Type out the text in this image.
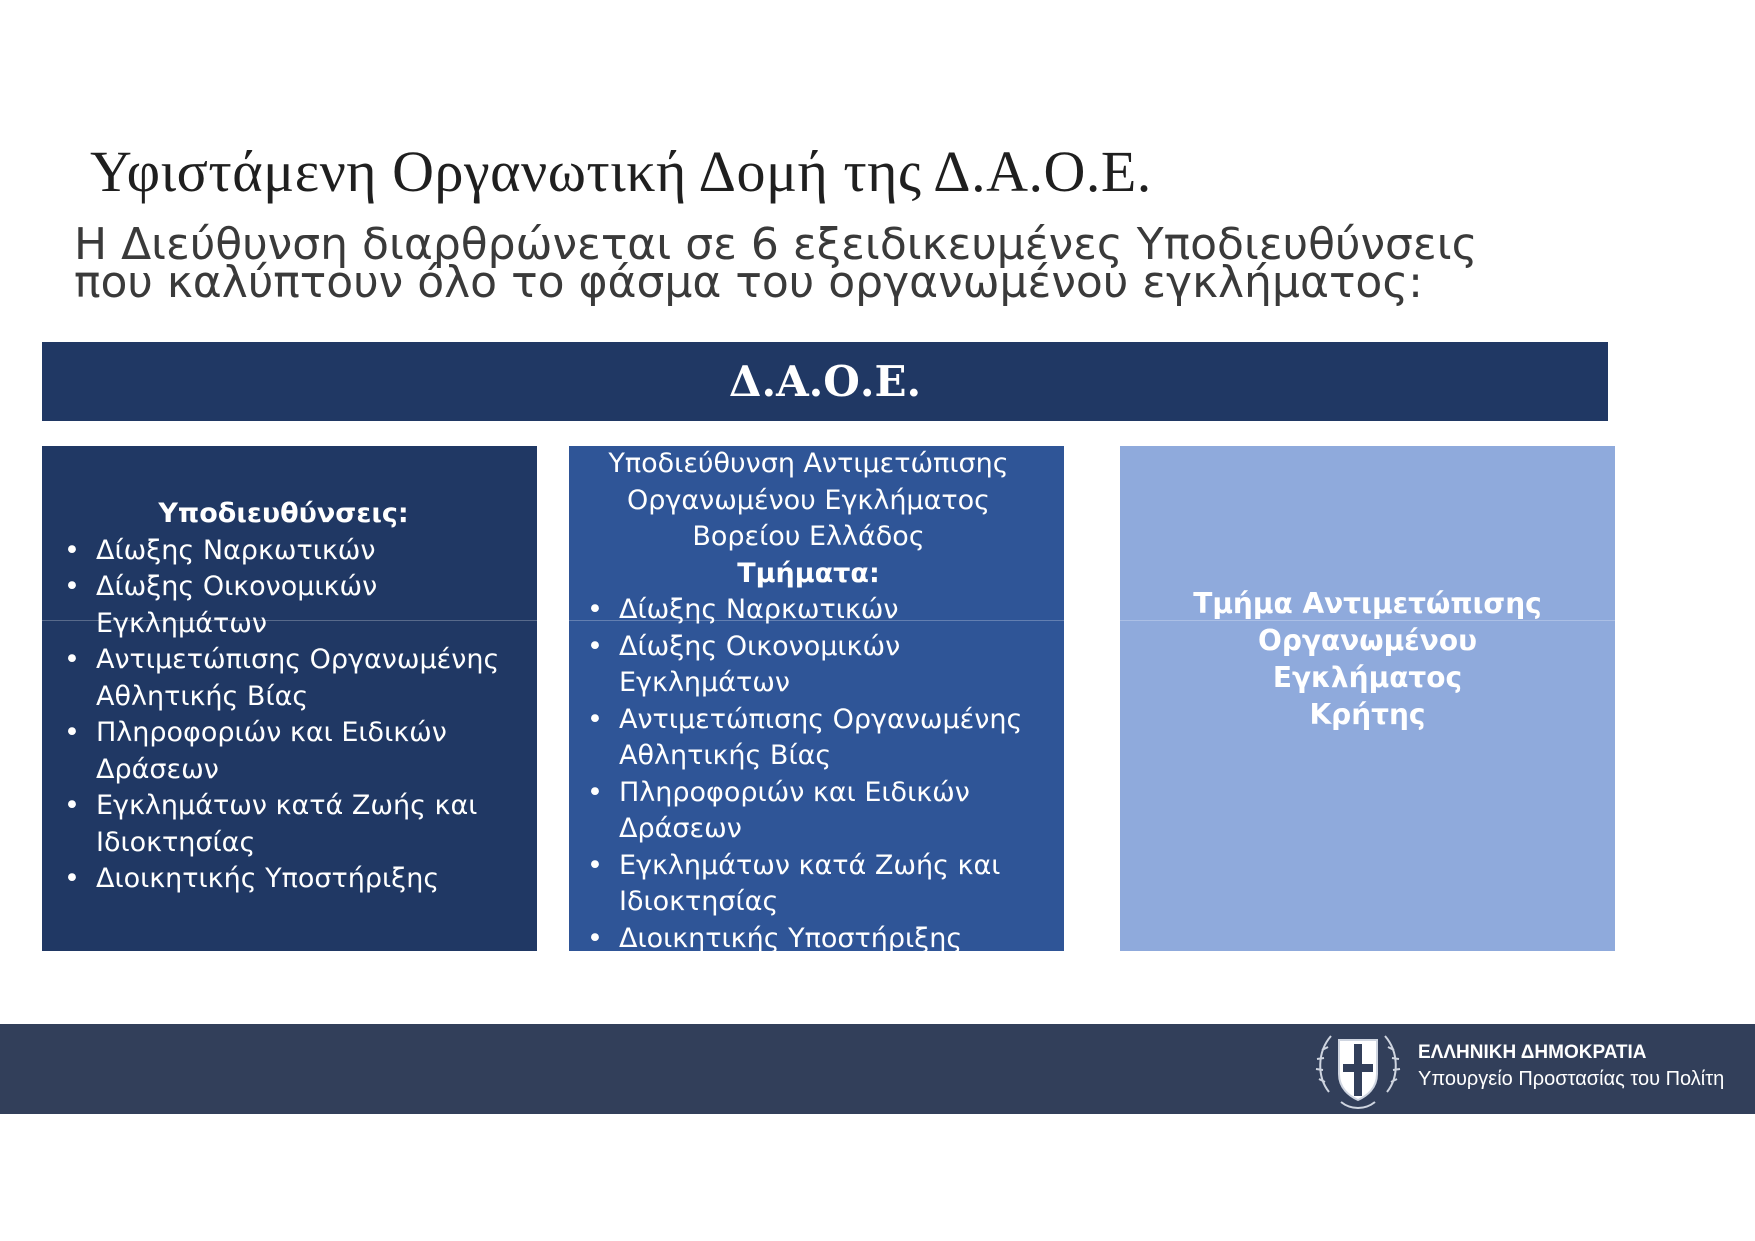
Υφιστάμενη Οργανωτική Δομή της Δ.Α.Ο.Ε.
Η Διεύθυνση διαρθρώνεται σε 6 εξειδικευμένες Υποδιευθύνσεις
που καλύπτουν όλο το φάσμα του οργανωμένου εγκλήματος:
Δ.Α.Ο.Ε.
Υποδιευθύνσεις:
• Δίωξης Ναρκωτικών
• Δίωξης Οικονομικών Εγκλημάτων
• Αντιμετώπισης Οργανωμένης Αθλητικής Βίας
• Πληροφοριών και Ειδικών Δράσεων
• Εγκλημάτων κατά Ζωής και Ιδιοκτησίας
• Διοικητικής Υποστήριξης
Υποδιεύθυνση Αντιμετώπισης
Οργανωμένου Εγκλήματος
Βορείου Ελλάδος
Τμήματα:
• Δίωξης Ναρκωτικών
• Δίωξης Οικονομικών Εγκλημάτων
• Αντιμετώπισης Οργανωμένης Αθλητικής Βίας
• Πληροφοριών και Ειδικών Δράσεων
• Εγκλημάτων κατά Ζωής και Ιδιοκτησίας
• Διοικητικής Υποστήριξης
Τμήμα Αντιμετώπισης
Οργανωμένου Εγκλήματος
Κρήτης
ΕΛΛΗΝΙΚΗ ΔΗΜΟΚΡΑΤΙΑ
Υπουργείο Προστασίας του Πολίτη
